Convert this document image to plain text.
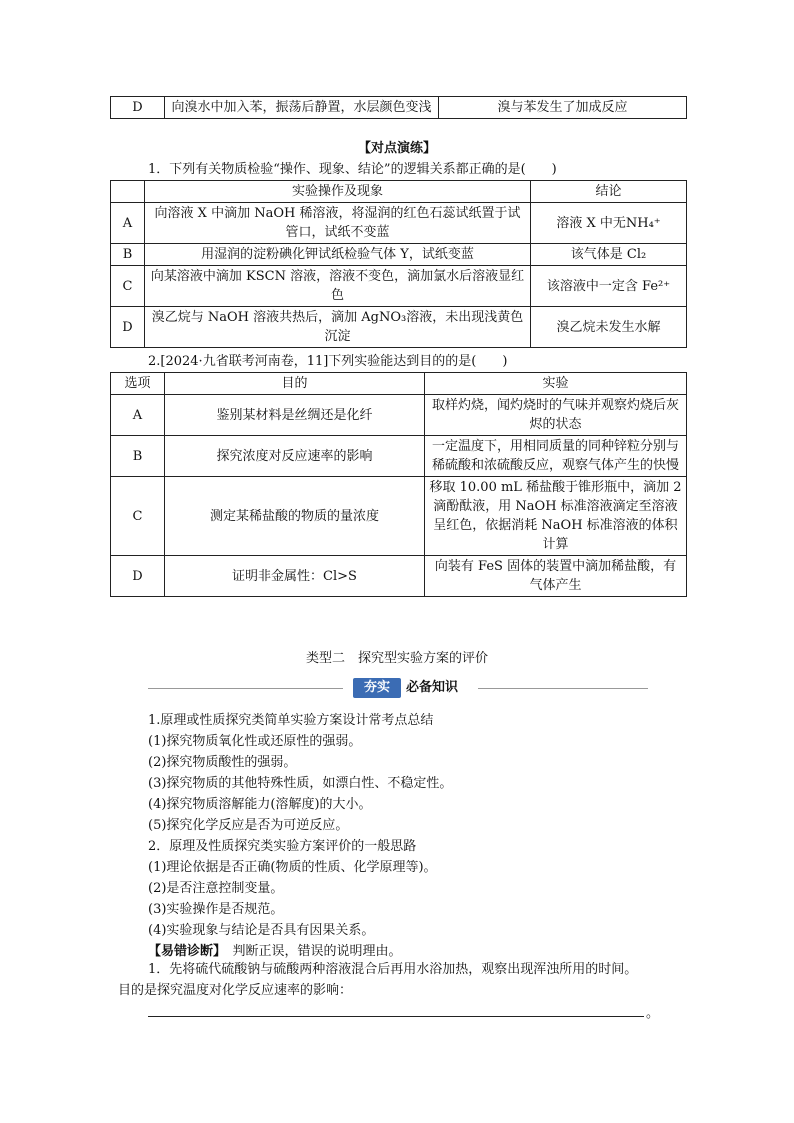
D	向溴水中加入苯，振荡后静置，水层颜色变浅	溴与苯发生了加成反应
【对点演练】
1．下列有关物质检验“操作、现象、结论”的逻辑关系都正确的是(　　)
	实验操作及现象	结论
A	向溶液 X 中滴加 NaOH 稀溶液，将湿润的红色石蕊试纸置于试管口，试纸不变蓝	溶液 X 中无NH₄⁺
B	用湿润的淀粉碘化钾试纸检验气体 Y，试纸变蓝	该气体是 Cl₂
C	向某溶液中滴加 KSCN 溶液，溶液不变色，滴加氯水后溶液显红色	该溶液中一定含 Fe²⁺
D	溴乙烷与 NaOH 溶液共热后，滴加 AgNO₃溶液，未出现浅黄色沉淀	溴乙烷未发生水解
2.[2024·九省联考河南卷，11]下列实验能达到目的的是(　　)
选项	目的	实验
A	鉴别某材料是丝绸还是化纤	取样灼烧，闻灼烧时的气味并观察灼烧后灰烬的状态
B	探究浓度对反应速率的影响	一定温度下，用相同质量的同种锌粒分别与稀硫酸和浓硫酸反应，观察气体产生的快慢
C	测定某稀盐酸的物质的量浓度	移取 10.00 mL 稀盐酸于锥形瓶中，滴加 2 滴酚酞液，用 NaOH 标准溶液滴定至溶液呈红色，依据消耗 NaOH 标准溶液的体积计算
D	证明非金属性：Cl>S	向装有 FeS 固体的装置中滴加稀盐酸，有气体产生
类型二　探究型实验方案的评价
夯实	必备知识

1.原理或性质探究类简单实验方案设计常考点总结

(1)探究物质氧化性或还原性的强弱。

(2)探究物质酸性的强弱。

(3)探究物质的其他特殊性质，如漂白性、不稳定性。

(4)探究物质溶解能力(溶解度)的大小。

(5)探究化学反应是否为可逆反应。

2．原理及性质探究类实验方案评价的一般思路

(1)理论依据是否正确(物质的性质、化学原理等)。

(2)是否注意控制变量。

(3)实验操作是否规范。

(4)实验现象与结论是否具有因果关系。

【易错诊断】　判断正误，错误的说明理由。

1．先将硫代硫酸钠与硫酸两种溶液混合后再用水浴加热，观察出现浑浊所用的时间。
目的是探究温度对化学反应速率的影响：
。
